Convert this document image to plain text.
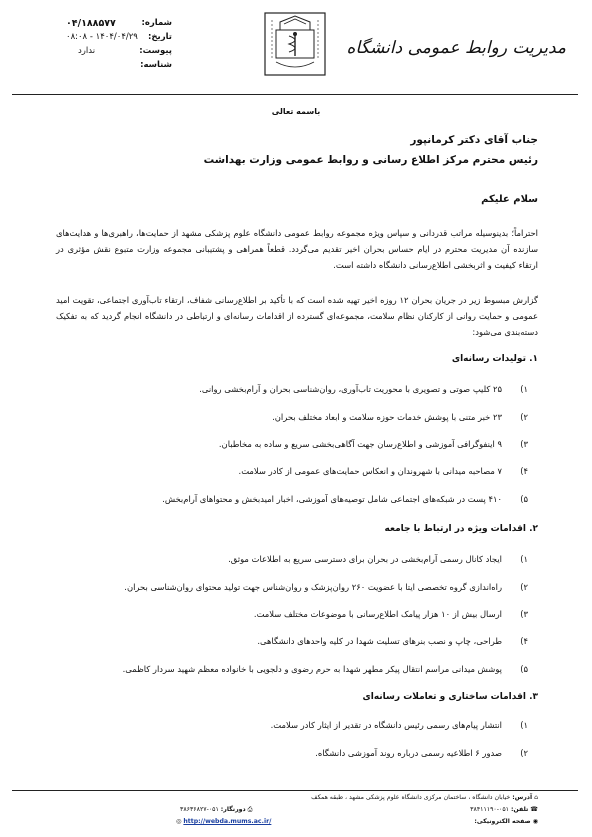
مدیریت روابط عمومی دانشگاه
شماره:
۰۴/۱۸۸۵۷۷
تاریخ:
۱۴۰۴/۰۴/۲۹ - ۰۸:۰۸
پیوست:
ندارد
شناسه:
باسمه تعالی
جناب آقای دکتر کرمانپور
رئیس محترم مرکز اطلاع رسانی و روابط عمومی وزارت بهداشت
سلام علیکم
احتراماً؛ بدینوسیله مراتب قدردانی و سپاس ویژه مجموعه روابط عمومی دانشگاه علوم پزشکی مشهد از حمایت‌ها، راهبری‌ها و هدایت‌های سازنده آن مدیریت محترم در ایام حساس بحران اخیر تقدیم می‌گردد. قطعاً همراهی و پشتیبانی مجموعه وزارت متبوع نقش مؤثری در ارتقاء کیفیت و اثربخشی اطلاع‌رسانی دانشگاه داشته است.
گزارش مبسوط زیر در جریان بحران ۱۲ روزه اخیر تهیه شده است که با تأکید بر اطلاع‌رسانی شفاف، ارتقاء تاب‌آوری اجتماعی، تقویت امید عمومی و حمایت روانی از کارکنان نظام سلامت، مجموعه‌ای گسترده از اقدامات رسانه‌ای و ارتباطی در دانشگاه انجام گردید که به تفکیک دسته‌بندی می‌شود:
۱. تولیدات رسانه‌ای
۱)۲۵ کلیپ صوتی و تصویری با محوریت تاب‌آوری، روان‌شناسی بحران و آرام‌بخشی روانی.
۲)۲۳ خبر متنی با پوشش خدمات حوزه سلامت و ابعاد مختلف بحران.
۳)۹ اینفوگرافی آموزشی و اطلاع‌رسان جهت آگاهی‌بخشی سریع و ساده به مخاطبان.
۴)۷ مصاحبه میدانی با شهروندان و انعکاس حمایت‌های عمومی از کادر سلامت.
۵)۴۱۰ پست در شبکه‌های اجتماعی شامل توصیه‌های آموزشی، اخبار امیدبخش و محتواهای آرام‌بخش.
۲. اقدامات ویژه در ارتباط با جامعه
۱)ایجاد کانال رسمی آرام‌بخشی در بحران برای دسترسی سریع به اطلاعات موثق.
۲)راه‌اندازی گروه تخصصی ایتا با عضویت ۲۶۰ روان‌پزشک و روان‌شناس جهت تولید محتوای روان‌شناسی بحران.
۳)ارسال بیش از ۱۰ هزار پیامک اطلاع‌رسانی با موضوعات مختلف سلامت.
۴)طراحی، چاپ و نصب بنرهای تسلیت شهدا در کلیه واحدهای دانشگاهی.
۵)پوشش میدانی مراسم انتقال پیکر مطهر شهدا به حرم رضوی و دلجویی با خانواده معظم شهید سردار کاظمی.
۳. اقدامات ساختاری و تعاملات رسانه‌ای
۱)انتشار پیام‌های رسمی رئیس دانشگاه در تقدیر از ایثار کادر سلامت.
۲)صدور ۶ اطلاعیه رسمی درباره روند آموزشی دانشگاه.
⌂ آدرس: خیابان دانشگاه ، ساختمان مرکزی دانشگاه علوم پزشکی مشهد ، طبقه همکف
☎ تلفن: ۰۵۱-۳۸۴۱۱۱۹۰
⎙ دورنگار: ۰۵۱-۳۸۶۳۶۸۲۷
◉ صفحه الکترونیکی:
◎ http://webda.mums.ac.ir/
